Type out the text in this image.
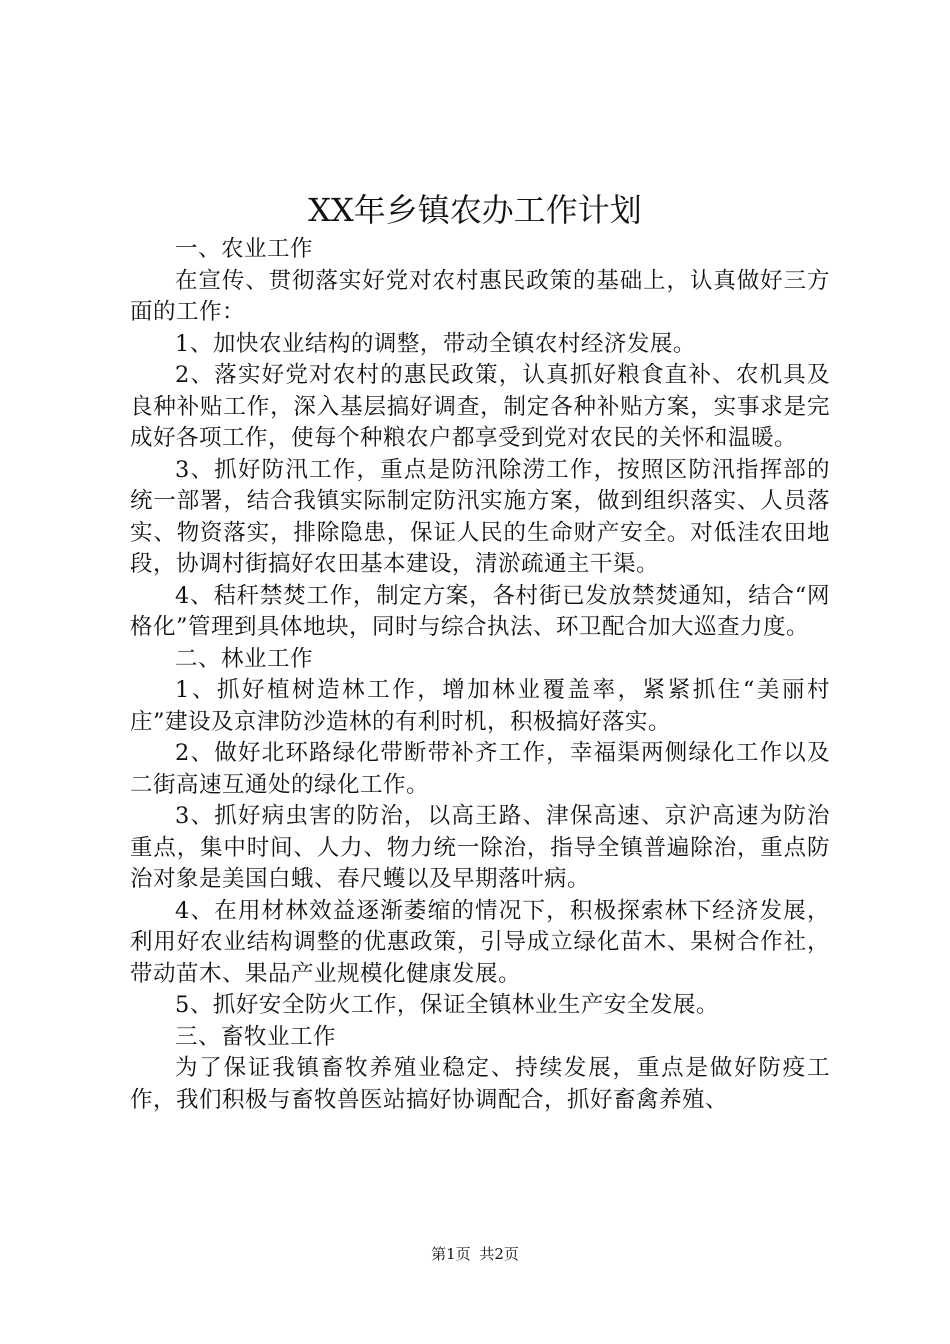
XX年乡镇农办工作计划

一、农业工作

在宣传、贯彻落实好党对农村惠民政策的基础上，认真做好三方面的工作：

1、加快农业结构的调整，带动全镇农村经济发展。

2、落实好党对农村的惠民政策，认真抓好粮食直补、农机具及良种补贴工作，深入基层搞好调查，制定各种补贴方案，实事求是完成好各项工作，使每个种粮农户都享受到党对农民的关怀和温暖。

3、抓好防汛工作，重点是防汛除涝工作，按照区防汛指挥部的统一部署，结合我镇实际制定防汛实施方案，做到组织落实、人员落实、物资落实，排除隐患，保证人民的生命财产安全。对低洼农田地段，协调村街搞好农田基本建设，清淤疏通主干渠。

4、秸秆禁焚工作，制定方案，各村街已发放禁焚通知，结合“网格化”管理到具体地块，同时与综合执法、环卫配合加大巡查力度。

二、林业工作

1、抓好植树造林工作，增加林业覆盖率，紧紧抓住“美丽村庄”建设及京津防沙造林的有利时机，积极搞好落实。

2、做好北环路绿化带断带补齐工作，幸福渠两侧绿化工作以及二街高速互通处的绿化工作。

3、抓好病虫害的防治，以高王路、津保高速、京沪高速为防治重点，集中时间、人力、物力统一除治，指导全镇普遍除治，重点防治对象是美国白蛾、春尺蠖以及早期落叶病。

4、在用材林效益逐渐萎缩的情况下，积极探索林下经济发展，利用好农业结构调整的优惠政策，引导成立绿化苗木、果树合作社，带动苗木、果品产业规模化健康发展。

5、抓好安全防火工作，保证全镇林业生产安全发展。

三、畜牧业工作

为了保证我镇畜牧养殖业稳定、持续发展，重点是做好防疫工作，我们积极与畜牧兽医站搞好协调配合，抓好畜禽养殖、

第1页 共2页
